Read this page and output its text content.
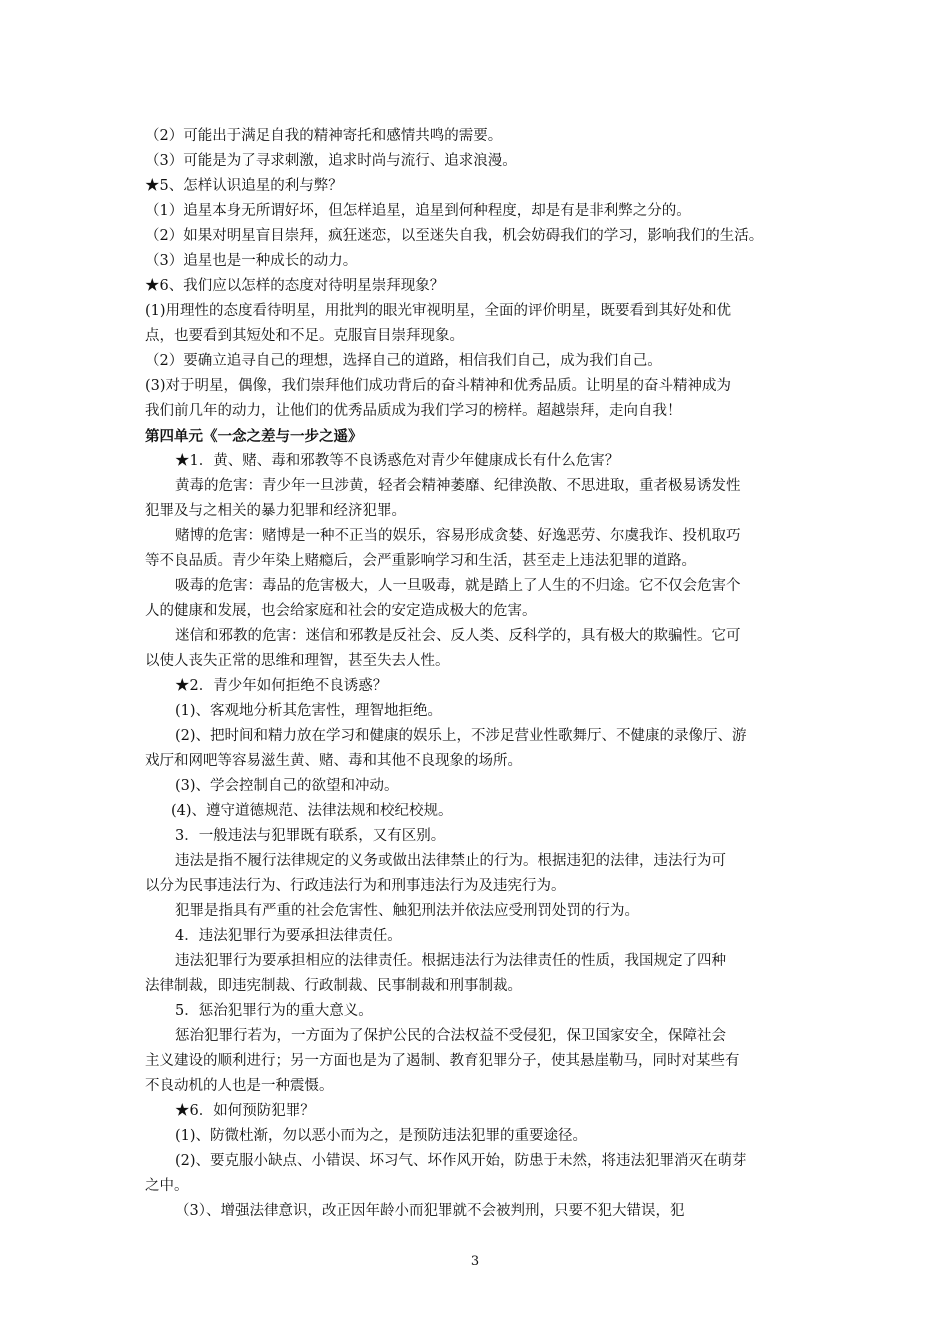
（2）可能出于满足自我的精神寄托和感情共鸣的需要。
（3）可能是为了寻求刺激，追求时尚与流行、追求浪漫。
★5、怎样认识追星的利与弊？
（1）追星本身无所谓好坏，但怎样追星，追星到何种程度，却是有是非利弊之分的。
（2）如果对明星盲目崇拜，疯狂迷恋，以至迷失自我，机会妨碍我们的学习，影响我们的生活。
（3）追星也是一种成长的动力。
★6、我们应以怎样的态度对待明星崇拜现象？
(1)用理性的态度看待明星，用批判的眼光审视明星，全面的评价明星，既要看到其好处和优
点，也要看到其短处和不足。克服盲目崇拜现象。
（2）要确立追寻自己的理想，选择自己的道路，相信我们自己，成为我们自己。
(3)对于明星，偶像，我们崇拜他们成功背后的奋斗精神和优秀品质。让明星的奋斗精神成为
我们前几年的动力，让他们的优秀品质成为我们学习的榜样。超越崇拜，走向自我！
第四单元《一念之差与一步之遥》
★1．黄、赌、毒和邪教等不良诱惑危对青少年健康成长有什么危害？
黄毒的危害：青少年一旦涉黄，轻者会精神萎靡、纪律涣散、不思进取，重者极易诱发性
犯罪及与之相关的暴力犯罪和经济犯罪。
赌博的危害：赌博是一种不正当的娱乐，容易形成贪婪、好逸恶劳、尔虞我诈、投机取巧
等不良品质。青少年染上赌瘾后，会严重影响学习和生活，甚至走上违法犯罪的道路。
吸毒的危害：毒品的危害极大，人一旦吸毒，就是踏上了人生的不归途。它不仅会危害个
人的健康和发展，也会给家庭和社会的安定造成极大的危害。
迷信和邪教的危害：迷信和邪教是反社会、反人类、反科学的，具有极大的欺骗性。它可
以使人丧失正常的思维和理智，甚至失去人性。
★2．青少年如何拒绝不良诱惑？
(1)、客观地分析其危害性，理智地拒绝。
(2)、把时间和精力放在学习和健康的娱乐上，不涉足营业性歌舞厅、不健康的录像厅、游
戏厅和网吧等容易滋生黄、赌、毒和其他不良现象的场所。
(3)、学会控制自己的欲望和冲动。
(4)、遵守道德规范、法律法规和校纪校规。
3．一般违法与犯罪既有联系，又有区别。
违法是指不履行法律规定的义务或做出法律禁止的行为。根据违犯的法律，违法行为可
以分为民事违法行为、行政违法行为和刑事违法行为及违宪行为。
犯罪是指具有严重的社会危害性、触犯刑法并依法应受刑罚处罚的行为。
4．违法犯罪行为要承担法律责任。
违法犯罪行为要承担相应的法律责任。根据违法行为法律责任的性质，我国规定了四种
法律制裁，即违宪制裁、行政制裁、民事制裁和刑事制裁。
5．惩治犯罪行为的重大意义。
惩治犯罪行若为，一方面为了保护公民的合法权益不受侵犯，保卫国家安全，保障社会
主义建设的顺利进行；另一方面也是为了遏制、教育犯罪分子，使其悬崖勒马，同时对某些有
不良动机的人也是一种震慑。
★6．如何预防犯罪？
(1)、防微杜渐，勿以恶小而为之，是预防违法犯罪的重要途径。
(2)、要克服小缺点、小错误、坏习气、坏作风开始，防患于未然，将违法犯罪消灭在萌芽
之中。
（3）、增强法律意识，改正因年龄小而犯罪就不会被判刑，只要不犯大错误，犯
3
